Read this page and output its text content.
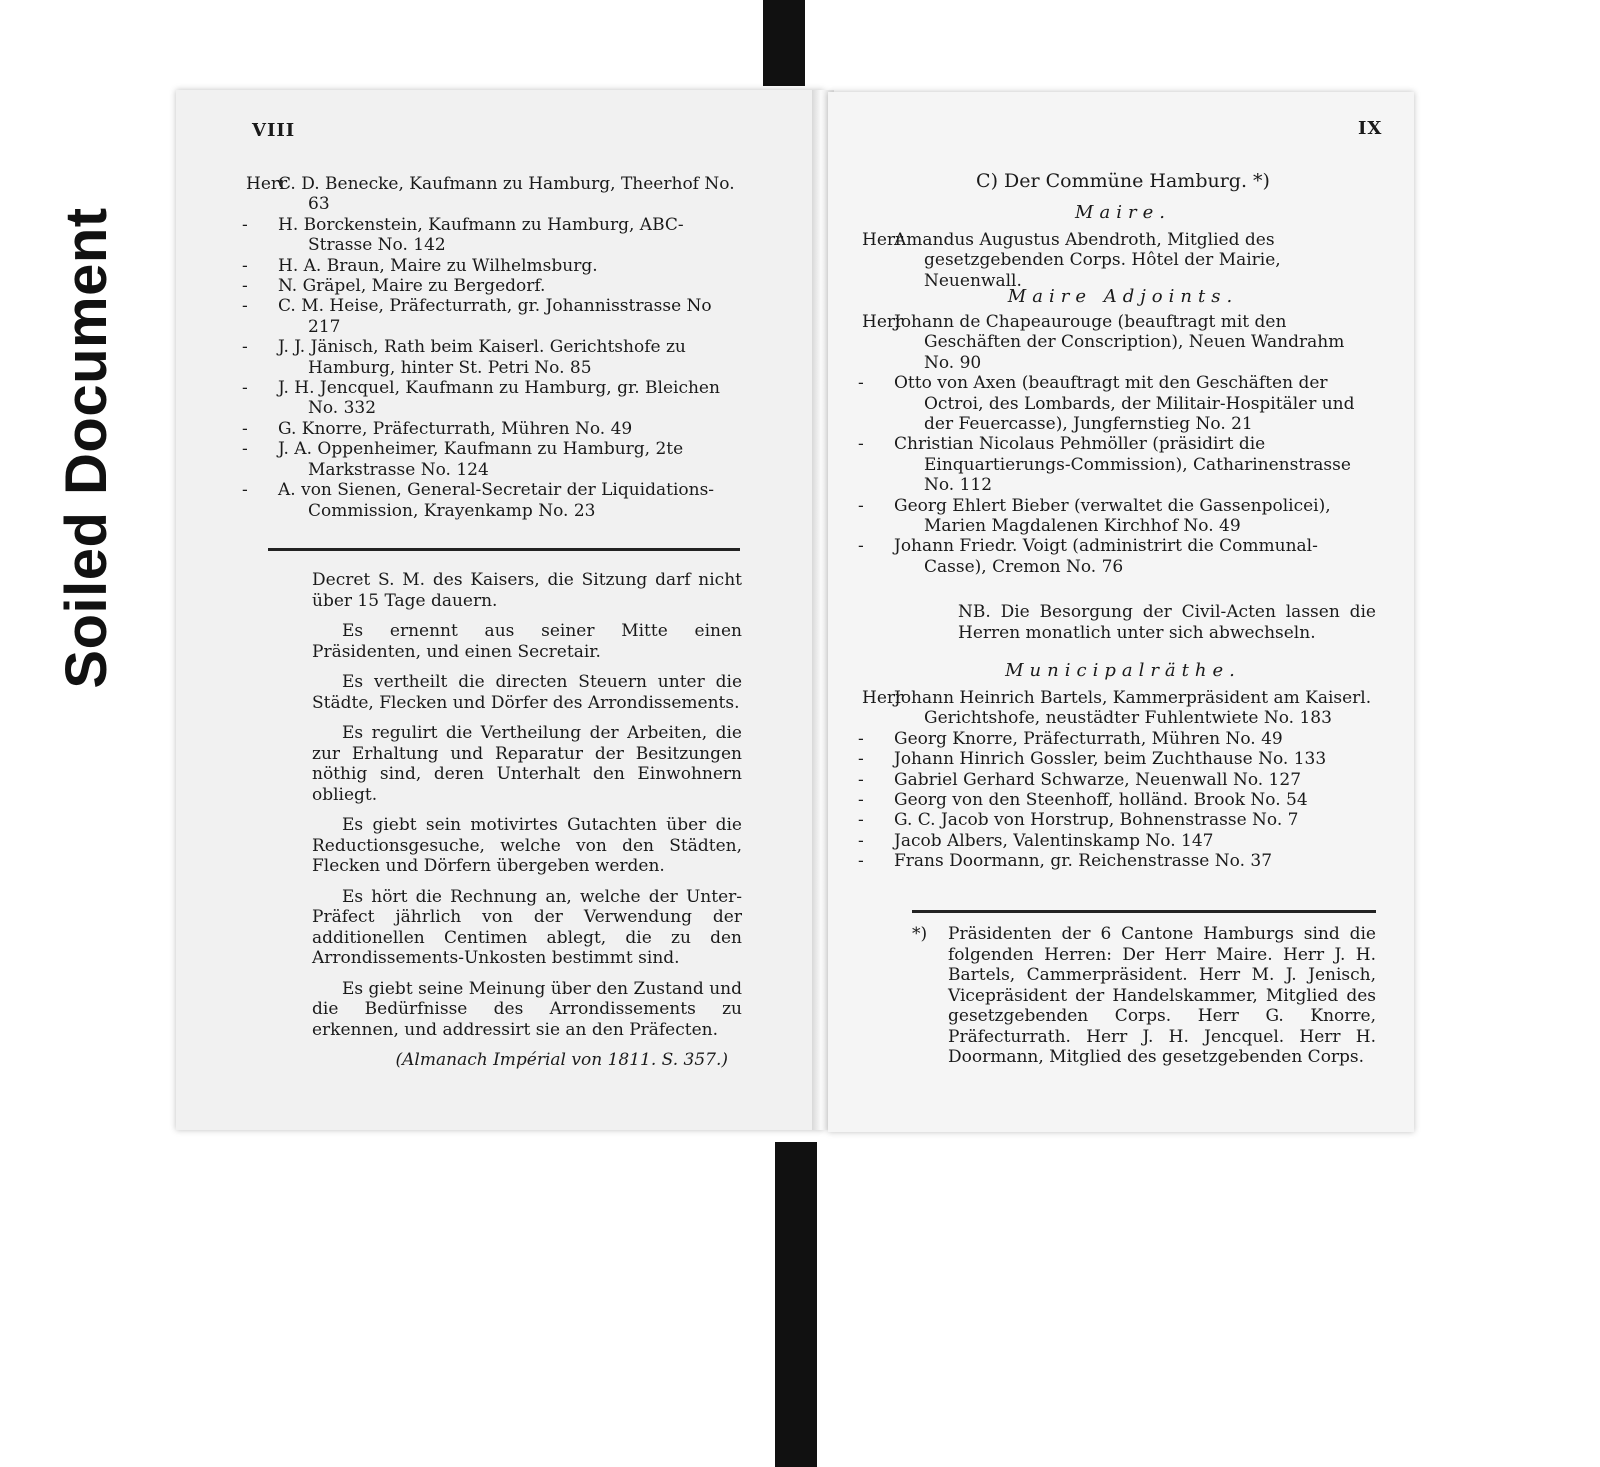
Soiled Document
VIII

Herr
C. D. Benecke, Kaufmann zu Hamburg, Theerhof No. 63

- H. Borckenstein, Kaufmann zu Hamburg, ABC-Strasse No. 142

- H. A. Braun, Maire zu Wilhelmsburg.

- N. Gräpel, Maire zu Bergedorf.

- C. M. Heise, Präfecturrath, gr. Johannisstrasse No 217

- J. J. Jänisch, Rath beim Kaiserl. Gerichtshofe zu Hamburg, hinter St. Petri No. 85

- J. H. Jencquel, Kaufmann zu Hamburg, gr. Bleichen No. 332

- G. Knorre, Präfecturrath, Mühren No. 49

- J. A. Oppenheimer, Kaufmann zu Hamburg, 2te Markstrasse No. 124

- A. von Sienen, General-Secretair der Liquidations-Commission, Krayenkamp No. 23

Decret S. M. des Kaisers, die Sitzung darf nicht über 15 Tage dauern.

Es ernennt aus seiner Mitte einen Präsidenten, und einen Secretair.

Es vertheilt die directen Steuern unter die Städte, Flecken und Dörfer des Arrondissements.

Es regulirt die Vertheilung der Arbeiten, die zur Erhaltung und Reparatur der Besitzungen nöthig sind, deren Unterhalt den Einwohnern obliegt.

Es giebt sein motivirtes Gutachten über die Reductionsgesuche, welche von den Städten, Flecken und Dörfern übergeben werden.

Es hört die Rechnung an, welche der Unter-Präfect jährlich von der Verwendung der additionellen Centimen ablegt, die zu den Arrondissements-Unkosten bestimmt sind.

Es giebt seine Meinung über den Zustand und die Bedürfnisse des Arrondissements zu erkennen, und addressirt sie an den Präfecten.

(Almanach Impérial von 1811. S. 357.)
IX
C) Der Commüne Hamburg. *)
Maire.

Herr
Amandus Augustus Abendroth, Mitglied des gesetzgebenden Corps. Hôtel der Mairie, Neuenwall.

Maire Adjoints.

Herr
Johann de Chapeaurouge (beauftragt mit den Geschäften der Conscription), Neuen Wandrahm No. 90

- Otto von Axen (beauftragt mit den Geschäften der Octroi, des Lombards, der Militair-Hospitäler und der Feuercasse), Jungfernstieg No. 21

- Christian Nicolaus Pehmöller (präsidirt die Einquartierungs-Commission), Catharinenstrasse No. 112

- Georg Ehlert Bieber (verwaltet die Gassenpolicei), Marien Magdalenen Kirchhof No. 49

- Johann Friedr. Voigt (administrirt die Communal-Casse), Cremon No. 76

NB. Die Besorgung der Civil-Acten lassen die Herren monatlich unter sich abwechseln.

Municipalräthe.

Herr
Johann Heinrich Bartels, Kammerpräsident am Kaiserl. Gerichtshofe, neustädter Fuhlentwiete No. 183

- Georg Knorre, Präfecturrath, Mühren No. 49

- Johann Hinrich Gossler, beim Zuchthause No. 133

- Gabriel Gerhard Schwarze, Neuenwall No. 127

- Georg von den Steenhoff, holländ. Brook No. 54

- G. C. Jacob von Horstrup, Bohnenstrasse No. 7

- Jacob Albers, Valentinskamp No. 147

- Frans Doormann, gr. Reichenstrasse No. 37

*) Präsidenten der 6 Cantone Hamburgs sind die folgenden Herren: Der Herr Maire. Herr J. H. Bartels, Cammerpräsident. Herr M. J. Jenisch, Vicepräsident der Handelskammer, Mitglied des gesetzgebenden Corps. Herr G. Knorre, Präfecturrath. Herr J. H. Jencquel. Herr H. Doormann, Mitglied des gesetzgebenden Corps.
